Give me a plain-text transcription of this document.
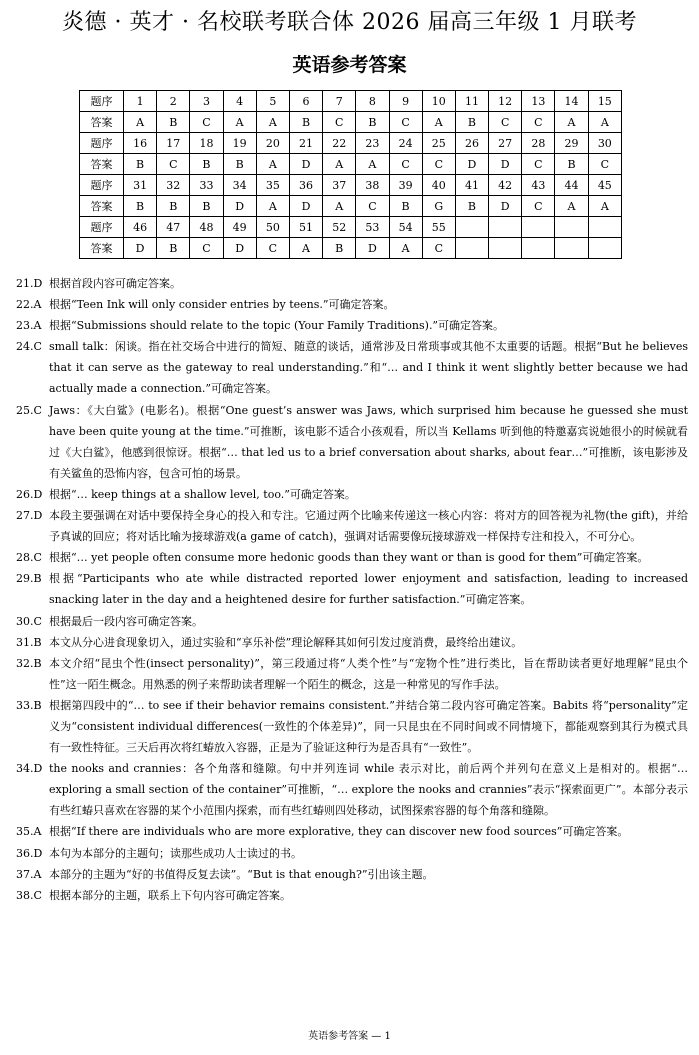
炎德 · 英才 · 名校联考联合体 2026 届高三年级 1 月联考
英语参考答案
题序	1	2	3	4	5	6	7	8	9	10	11	12	13	14	15
答案	A	B	C	A	A	B	C	B	C	A	B	C	C	A	A
题序	16	17	18	19	20	21	22	23	24	25	26	27	28	29	30
答案	B	C	B	B	A	D	A	A	C	C	D	D	C	B	C
题序	31	32	33	34	35	36	37	38	39	40	41	42	43	44	45
答案	B	B	B	D	A	D	A	C	B	G	B	D	C	A	A
题序	46	47	48	49	50	51	52	53	54	55					
答案	D	B	C	D	C	A	B	D	A	C					
21.D 根据首段内容可确定答案。
22.A 根据“Teen Ink will only consider entries by teens.”可确定答案。
23.A 根据“Submissions should relate to the topic (Your Family Traditions).”可确定答案。
24.C small talk：闲谈。指在社交场合中进行的简短、随意的谈话，通常涉及日常琐事或其他不太重要的话题。根据“But he believes that it can serve as the gateway to real understanding.”和“… and I think it went slightly better because we had actually made a connection.”可确定答案。
25.C Jaws：《大白鲨》(电影名)。根据“One guest’s answer was Jaws, which surprised him because he guessed she must have been quite young at the time.”可推断，该电影不适合小孩观看，所以当 Kellams 听到他的特邀嘉宾说她很小的时候就看过《大白鲨》，他感到很惊讶。根据“… that led us to a brief conversation about sharks, about fear…”可推断，该电影涉及有关鲨鱼的恐怖内容，包含可怕的场景。
26.D 根据“… keep things at a shallow level, too.”可确定答案。
27.D 本段主要强调在对话中要保持全身心的投入和专注。它通过两个比喻来传递这一核心内容：将对方的回答视为礼物(the gift)，并给予真诚的回应；将对话比喻为接球游戏(a game of catch)，强调对话需要像玩接球游戏一样保持专注和投入，不可分心。
28.C 根据“… yet people often consume more hedonic goods than they want or than is good for them”可确定答案。
29.B 根据“Participants who ate while distracted reported lower enjoyment and satisfaction, leading to increased snacking later in the day and a heightened desire for further satisfaction.”可确定答案。
30.C 根据最后一段内容可确定答案。
31.B 本文从分心进食现象切入，通过实验和“享乐补偿”理论解释其如何引发过度消费，最终给出建议。
32.B 本文介绍“昆虫个性(insect personality)”，第三段通过将“人类个性”与“宠物个性”进行类比，旨在帮助读者更好地理解“昆虫个性”这一陌生概念。用熟悉的例子来帮助读者理解一个陌生的概念，这是一种常见的写作手法。
33.B 根据第四段中的“… to see if their behavior remains consistent.”并结合第二段内容可确定答案。Babits 将“personality”定义为“consistent individual differences(一致性的个体差异)”，同一只昆虫在不同时间或不同情境下，都能观察到其行为模式具有一致性特征。三天后再次将红蝽放入容器，正是为了验证这种行为是否具有“一致性”。
34.D the nooks and crannies：各个角落和缝隙。句中并列连词 while 表示对比，前后两个并列句在意义上是相对的。根据“… exploring a small section of the container”可推断，“… explore the nooks and crannies”表示“探索面更广”。本部分表示有些红蝽只喜欢在容器的某个小范围内探索，而有些红蝽则四处移动，试图探索容器的每个角落和缝隙。
35.A 根据“If there are individuals who are more explorative, they can discover new food sources”可确定答案。
36.D 本句为本部分的主题句；读那些成功人士读过的书。
37.A 本部分的主题为“好的书值得反复去读”。“But is that enough?”引出该主题。
38.C 根据本部分的主题，联系上下句内容可确定答案。
英语参考答案 — 1
